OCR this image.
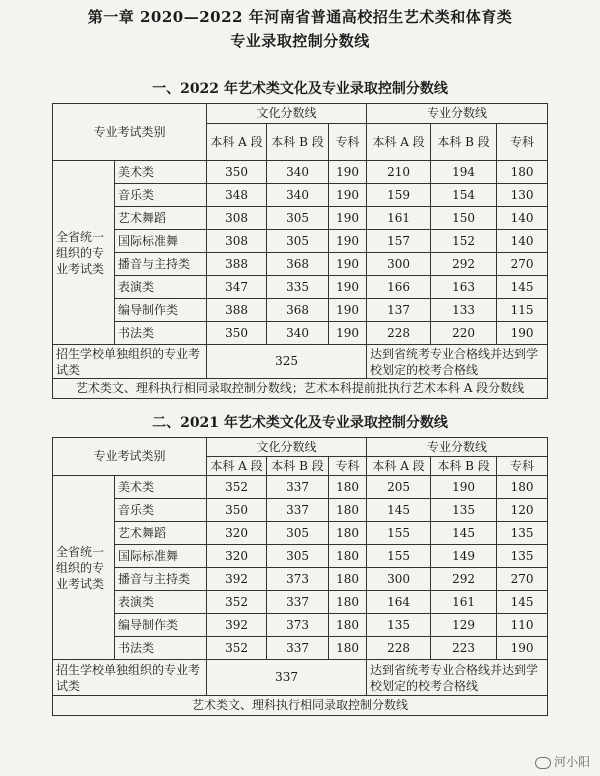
第一章 2020—2022 年河南省普通高校招生艺术类和体育类
专业录取控制分数线
一、2022 年艺术类文化及专业录取控制分数线
专业考试类别		文化分数线			专业分数线		
		本科 A 段	本科 B 段	专科	本科 A 段	本科 B 段	专科
全省统一组织的专业考试类	美术类	350	340	190	210	194	180
	音乐类	348	340	190	159	154	130
	艺术舞蹈	308	305	190	161	150	140
	国际标准舞	308	305	190	157	152	140
	播音与主持类	388	368	190	300	292	270
	表演类	347	335	190	166	163	145
	编导制作类	388	368	190	137	133	115
	书法类	350	340	190	228	220	190
招生学校单独组织的专业考试类		325			达到省统考专业合格线并达到学校划定的校考合格线		
艺术类文、理科执行相同录取控制分数线；艺术本科提前批执行艺术本科 A 段分数线							
二、2021 年艺术类文化及专业录取控制分数线
专业考试类别		文化分数线			专业分数线		
		本科 A 段	本科 B 段	专科	本科 A 段	本科 B 段	专科
全省统一组织的专业考试类	美术类	352	337	180	205	190	180
	音乐类	350	337	180	145	135	120
	艺术舞蹈	320	305	180	155	145	135
	国际标准舞	320	305	180	155	149	135
	播音与主持类	392	373	180	300	292	270
	表演类	352	337	180	164	161	145
	编导制作类	392	373	180	135	129	110
	书法类	352	337	180	228	223	190
招生学校单独组织的专业考试类		337			达到省统考专业合格线并达到学校划定的校考合格线		
艺术类文、理科执行相同录取控制分数线							
河小阳
